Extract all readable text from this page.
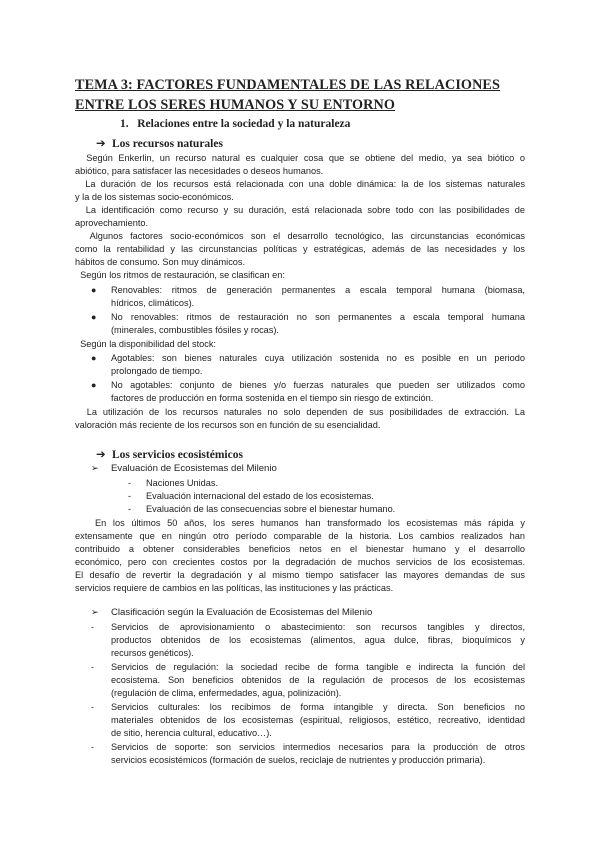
TEMA 3: FACTORES FUNDAMENTALES DE LAS RELACIONES
ENTRE LOS SERES HUMANOS Y SU ENTORNO
1.   Relaciones entre la sociedad y la naturaleza
➔ Los recursos naturales
Según Enkerlin, un recurso natural es cualquier cosa que se obtiene del medio, ya sea biótico o
abiótico, para satisfacer las necesidades o deseos humanos.
La duración de los recursos está relacionada con una doble dinámica: la de los sistemas naturales
y la de los sistemas socio-económicos.
La identificación como recurso y su duración, está relacionada sobre todo con las posibilidades de
aprovechamiento.
Algunos factores socio-económicos son el desarrollo tecnológico, las circunstancias económicas
como la rentabilidad y las circunstancias políticas y estratégicas, además de las necesidades y los
hábitos de consumo. Son muy dinámicos.
Según los ritmos de restauración, se clasifican en:
● Renovables: ritmos de generación permanentes a escala temporal humana (biomasa,
hídricos, climáticos).
● No renovables: ritmos de restauración no son permanentes a escala temporal humana
(minerales, combustibles fósiles y rocas).
Según la disponibilidad del stock:
● Agotables: son bienes naturales cuya utilización sostenida no es posible en un periodo
prolongado de tiempo.
● No agotables: conjunto de bienes y/o fuerzas naturales que pueden ser utilizados como
factores de producción en forma sostenida en el tiempo sin riesgo de extinción.
La utilización de los recursos naturales no solo dependen de sus posibilidades de extracción. La
valoración más reciente de los recursos son en función de su esencialidad.
➔ Los servicios ecosistémicos
➢ Evaluación de Ecosistemas del Milenio
- Naciones Unidas.
- Evaluación internacional del estado de los ecosistemas.
- Evaluación de las consecuencias sobre el bienestar humano.
En los últimos 50 años, los seres humanos han transformado los ecosistemas más rápida y
extensamente que en ningún otro período comparable de la historia. Los cambios realizados han
contribuido a obtener considerables beneficios netos en el bienestar humano y el desarrollo
económico, pero con crecientes costos por la degradación de muchos servicios de los ecosistemas.
El desafío de revertir la degradación y al mismo tiempo satisfacer las mayores demandas de sus
servicios requiere de cambios en las políticas, las instituciones y las prácticas.
➢ Clasificación según la Evaluación de Ecosistemas del Milenio
- Servicios de aprovisionamiento o abastecimiento: son recursos tangibles y directos,
productos obtenidos de los ecosistemas (alimentos, agua dulce, fibras, bioquímicos y
recursos genéticos).
- Servicios de regulación: la sociedad recibe de forma tangible e indirecta la función del
ecosistema. Son beneficios obtenidos de la regulación de procesos de los ecosistemas
(regulación de clima, enfermedades, agua, polinización).
- Servicios culturales: los recibimos de forma intangible y directa. Son beneficios no
materiales obtenidos de los ecosistemas (espiritual, religiosos, estético, recreativo, identidad
de sitio, herencia cultural, educativo…).
- Servicios de soporte: son servicios intermedios necesarios para la producción de otros
servicios ecosistémicos (formación de suelos, reciclaje de nutrientes y producción primaria).
